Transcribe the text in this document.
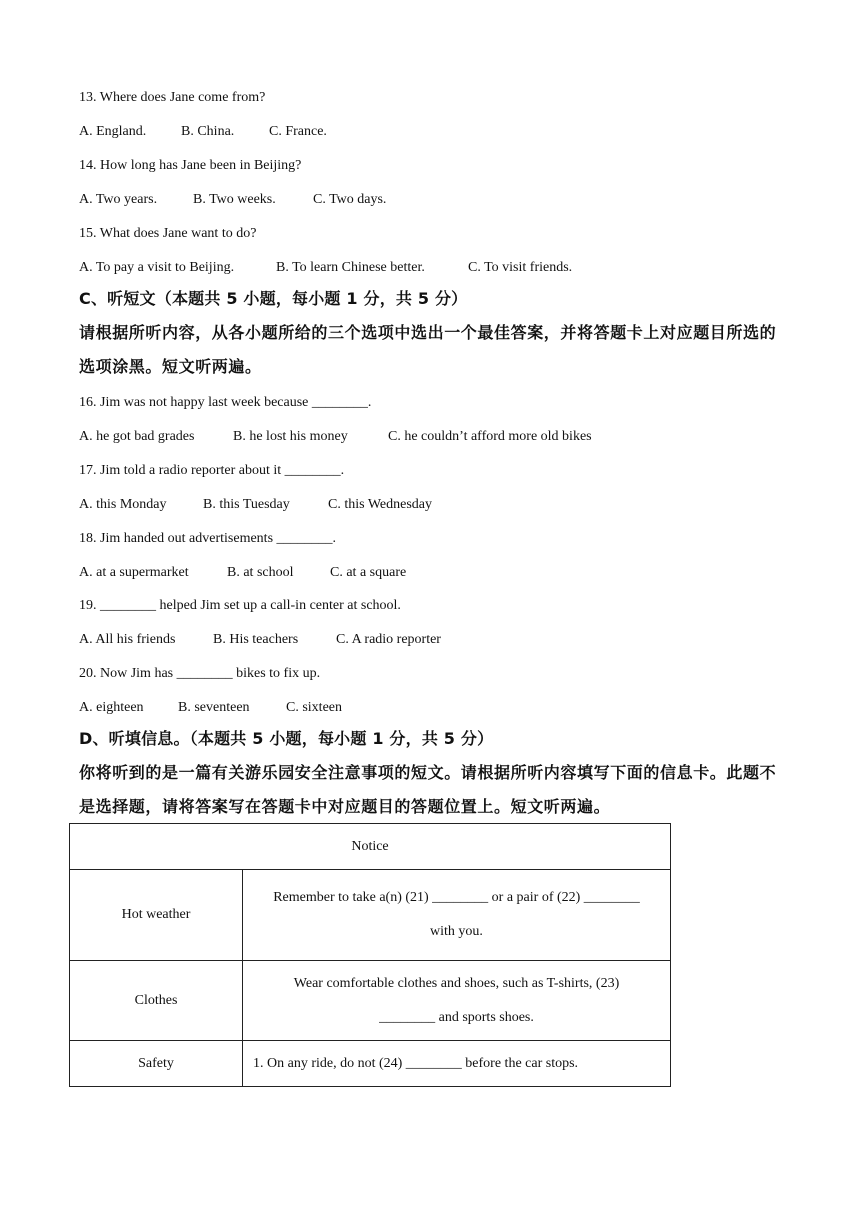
13. Where does Jane come from?
A. England. B. China. C. France.
14. How long has Jane been in Beijing?
A. Two years.	B. Two weeks.	C. Two days.
15. What does Jane want to do?
A. To pay a visit to Beijing.	B. To learn Chinese better.	C. To visit friends.
C、听短文（本题共 5 小题，每小题 1 分，共 5 分）
请根据所听内容，从各小题所给的三个选项中选出一个最佳答案，并将答题卡上对应题目所选的选项涂黑。短文听两遍。
16. Jim was not happy last week because ________.
A. he got bad grades	B. he lost his money	C. he couldn’t afford more old bikes
17. Jim told a radio reporter about it ________.
A. this Monday	B. this Tuesday	C. this Wednesday
18. Jim handed out advertisements ________.
A. at a supermarket	B. at school	C. at a square
19. ________ helped Jim set up a call-in center at school.
A. All his friends	B. His teachers	C. A radio reporter
20. Now Jim has ________ bikes to fix up.
A. eighteen B. seventeen	C. sixteen
D、听填信息。（本题共 5 小题，每小题 1 分，共 5 分）
你将听到的是一篇有关游乐园安全注意事项的短文。请根据所听内容填写下面的信息卡。此题不是选择题，请将答案写在答题卡中对应题目的答题位置上。短文听两遍。
Notice	
Hot weather	Remember to take a(n) (21) ________ or a pair of (22) ________
with you.

Clothes	Wear comfortable clothes and shoes, such as T-shirts, (23)
________ and sports shoes.

Safety	1. On any ride, do not (24) ________ before the car stops.
